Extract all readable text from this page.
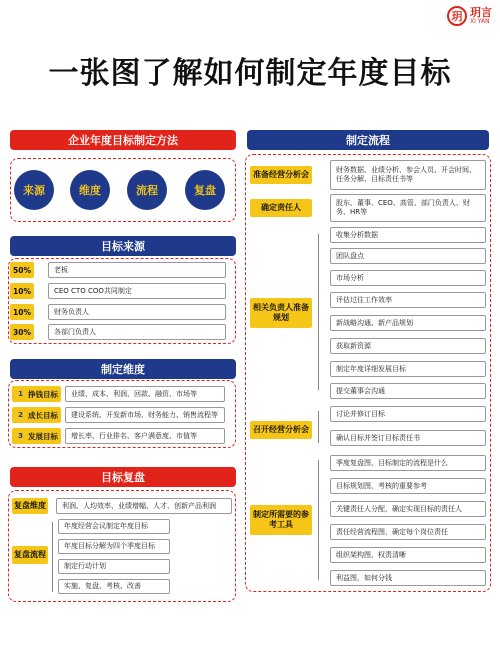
玥 玥言
XI YAN
一张图了解如何制定年度目标
企业年度目标制定方法
来源	维度	流程	复盘
目标来源
50%	老板
10%	CEO CTO COO共同制定
10%	财务负责人
30%	各部门负责人
制定维度
1 挣钱目标	业绩、成本、利润、回款、融资、市场等
2 成长目标	建设系统、开发新市场、财务能力、销售流程等
3 发展目标	增长率、行业排名、客户满意度、市值等
目标复盘
复盘维度	利润、人均效率、业绩增幅、人才、创新产品利润
复盘流程
年度经营会议制定年度目标
年度目标分解为四个季度目标
制定行动计划
实施、复盘、考核、改善
制定流程
准备经营分析会	财务数据、业绩分析、参会人员、开会时间、任务分解、目标责任书等
确定责任人	股东、董事、CEO、高管、部门负责人、财务、HR等
相关负责人准备规划
收集分析数据
团队盘点
市场分析
评估过往工作效率
新战略沟通、新产品规划
获取新资源
制定年度详细发展目标
提交董事会沟通
召开经营分析会
讨论并修订目标
确认目标并签订目标责任书
制定所需要的参考工具
季度复盘图，目标制定的流程是什么
目标规划图，考核的重要参考
关键责任人分配，确定实现目标的责任人
责任经营流程图，确定每个岗位责任
组织架构图，权责清晰
利益图，如何分钱
